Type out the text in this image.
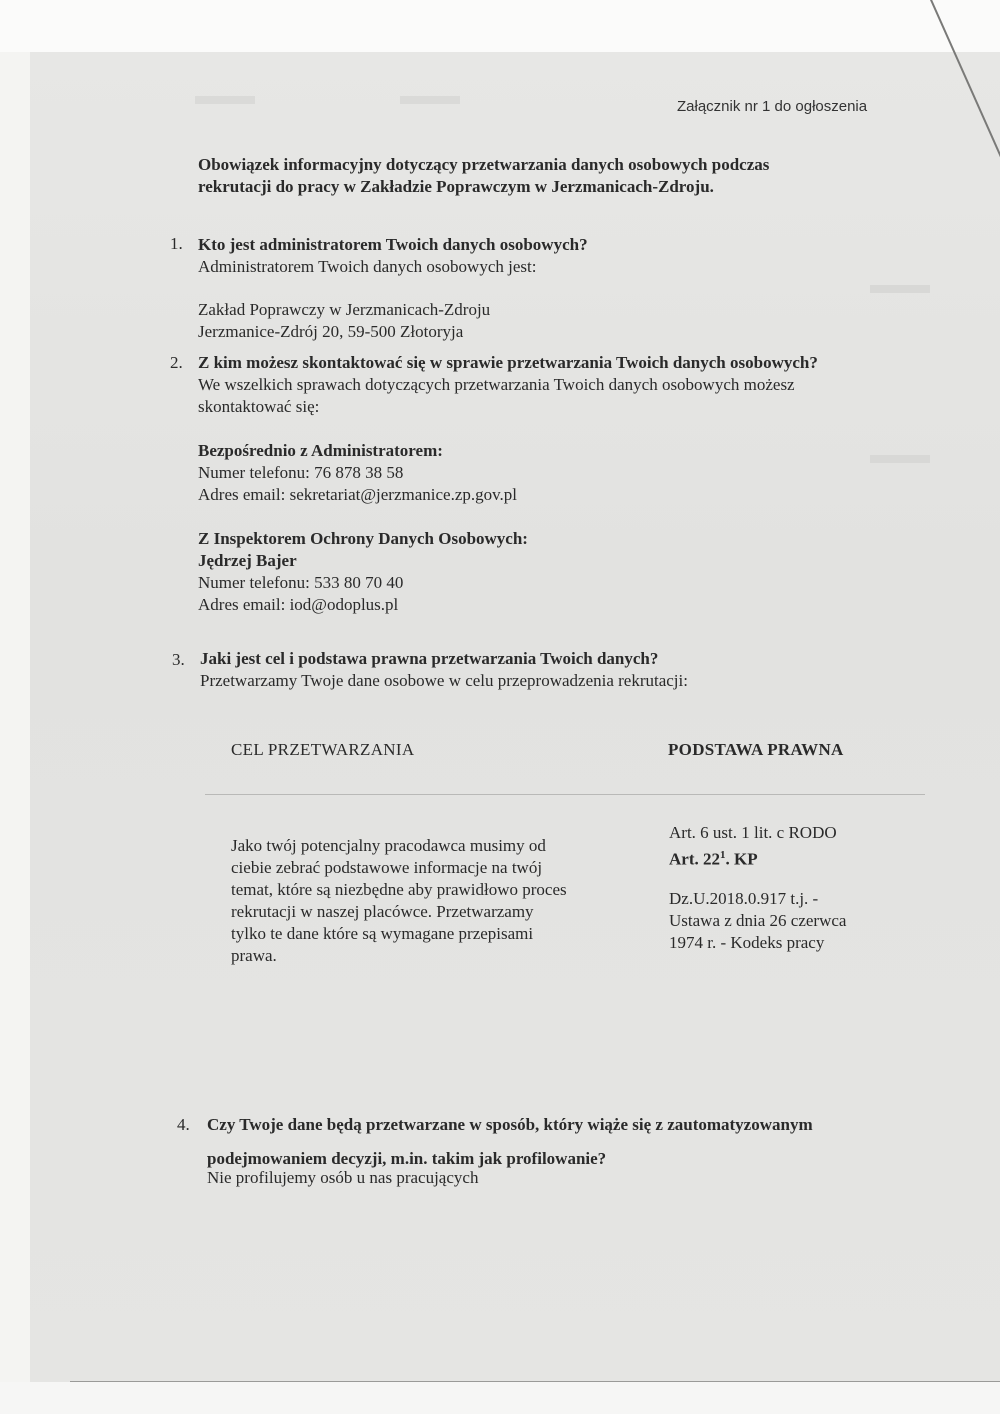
Załącznik nr 1 do ogłoszenia
Obowiązek informacyjny dotyczący przetwarzania danych osobowych podczas
rekrutacji do pracy w Zakładzie Poprawczym w Jerzmanicach-Zdroju.
1. Kto jest administratorem Twoich danych osobowych?
Administratorem Twoich danych osobowych jest:
Zakład Poprawczy w Jerzmanicach-Zdroju
Jerzmanice-Zdrój 20, 59-500 Złotoryja
2. Z kim możesz skontaktować się w sprawie przetwarzania Twoich danych osobowych?
We wszelkich sprawach dotyczących przetwarzania Twoich danych osobowych możesz
skontaktować się:
Bezpośrednio z Administratorem:
Numer telefonu: 76 878 38 58
Adres email: sekretariat@jerzmanice.zp.gov.pl
Z Inspektorem Ochrony Danych Osobowych:
Jędrzej Bajer
Numer telefonu: 533 80 70 40
Adres email: iod@odoplus.pl
3. Jaki jest cel i podstawa prawna przetwarzania Twoich danych?
Przetwarzamy Twoje dane osobowe w celu przeprowadzenia rekrutacji:
CEL PRZETWARZANIA	PODSTAWA PRAWNA
Jako twój potencjalny pracodawca musimy od
ciebie zebrać podstawowe informacje na twój
temat, które są niezbędne aby prawidłowo proces
rekrutacji w naszej placówce. Przetwarzamy
tylko te dane które są wymagane przepisami
prawa.
Art. 6 ust. 1 lit. c RODO
Art. $22^1$. KP
Dz.U.2018.0.917 t.j. -
Ustawa z dnia 26 czerwca
1974 r. - Kodeks pracy
4. Czy Twoje dane będą przetwarzane w sposób, który wiąże się z zautomatyzowanym
podejmowaniem decyzji, m.in. takim jak profilowanie?
Nie profilujemy osób u nas pracujących
